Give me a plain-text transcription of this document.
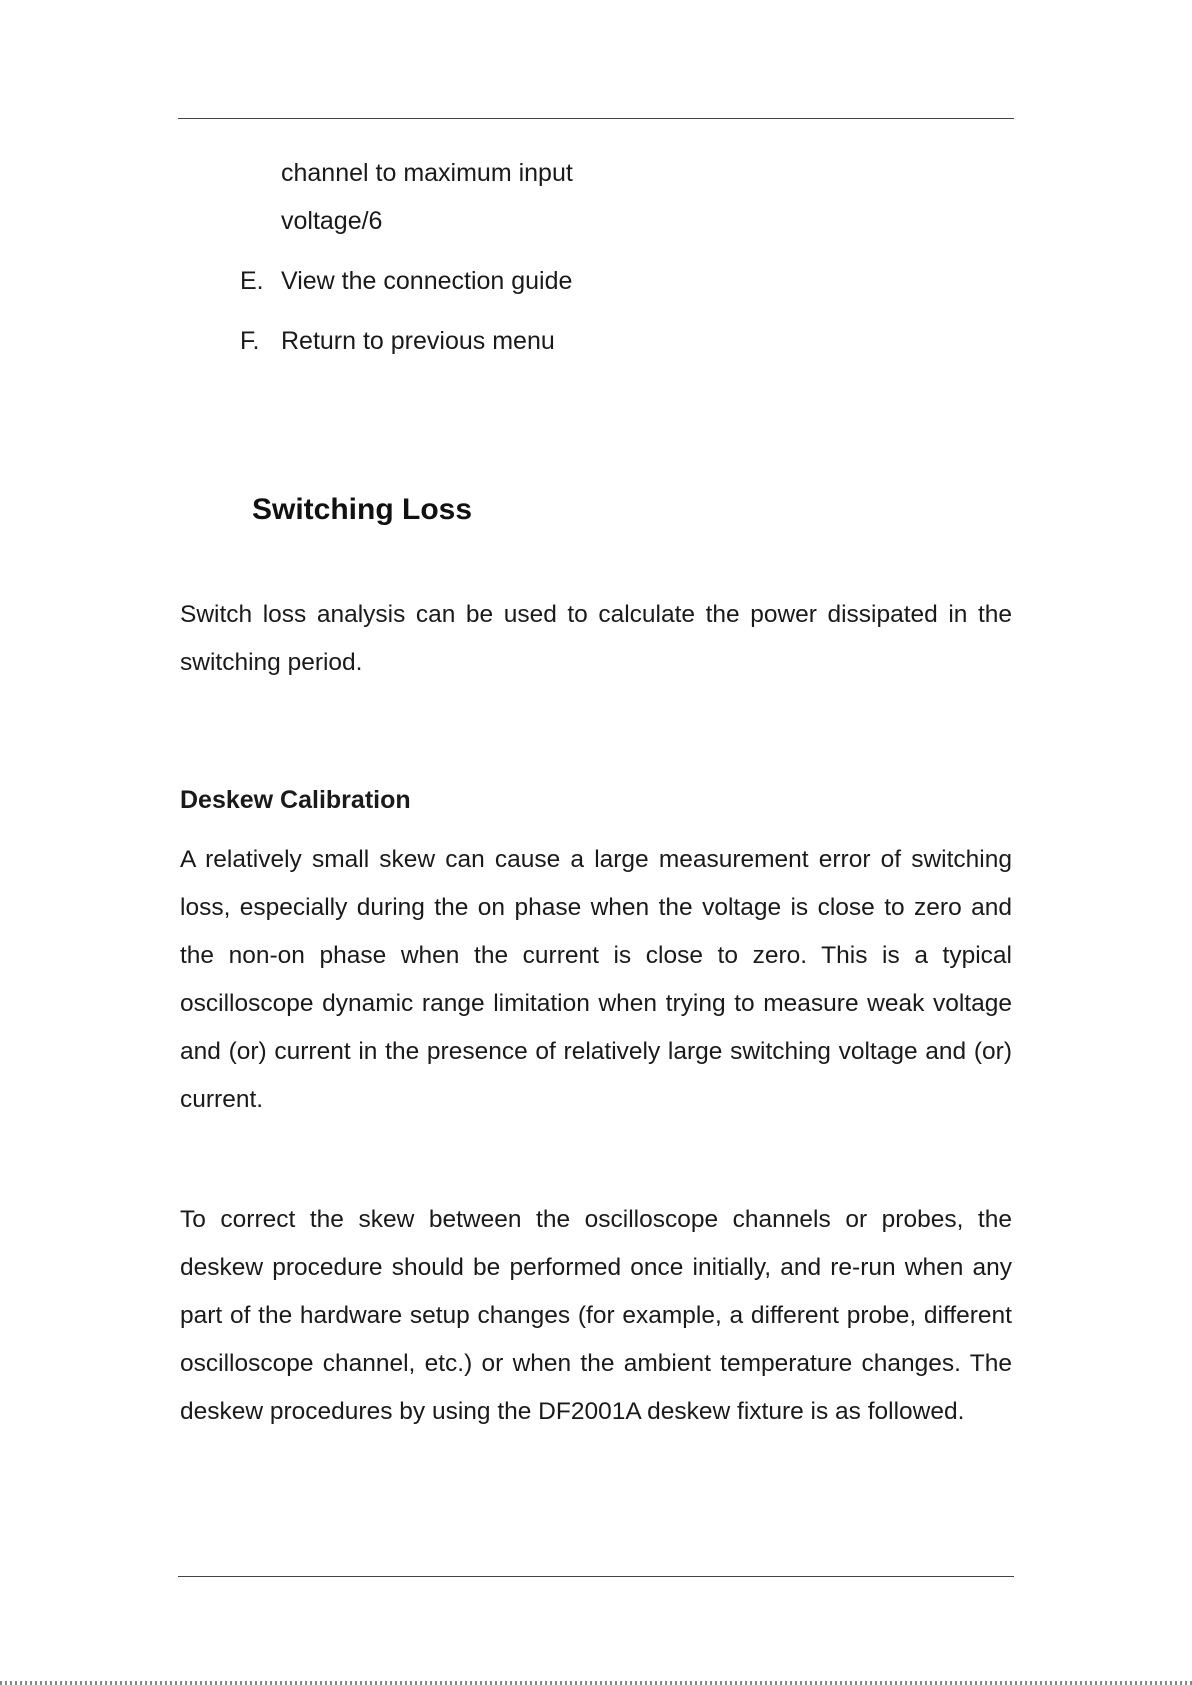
channel to maximum input
voltage/6
E. View the connection guide
F. Return to previous menu
Switching Loss

Switch loss analysis can be used to calculate the power dissipated in the switching period.

Deskew Calibration

A relatively small skew can cause a large measurement error of switching loss, especially during the on phase when the voltage is close to zero and the non-on phase when the current is close to zero. This is a typical oscilloscope dynamic range limitation when trying to measure weak voltage and (or) current in the presence of relatively large switching voltage and (or) current.

To correct the skew between the oscilloscope channels or probes, the deskew procedure should be performed once initially, and re-run when any part of the hardware setup changes (for example, a different probe, different oscilloscope channel, etc.) or when the ambient temperature changes. The deskew procedures by using the DF2001A deskew fixture is as followed.
